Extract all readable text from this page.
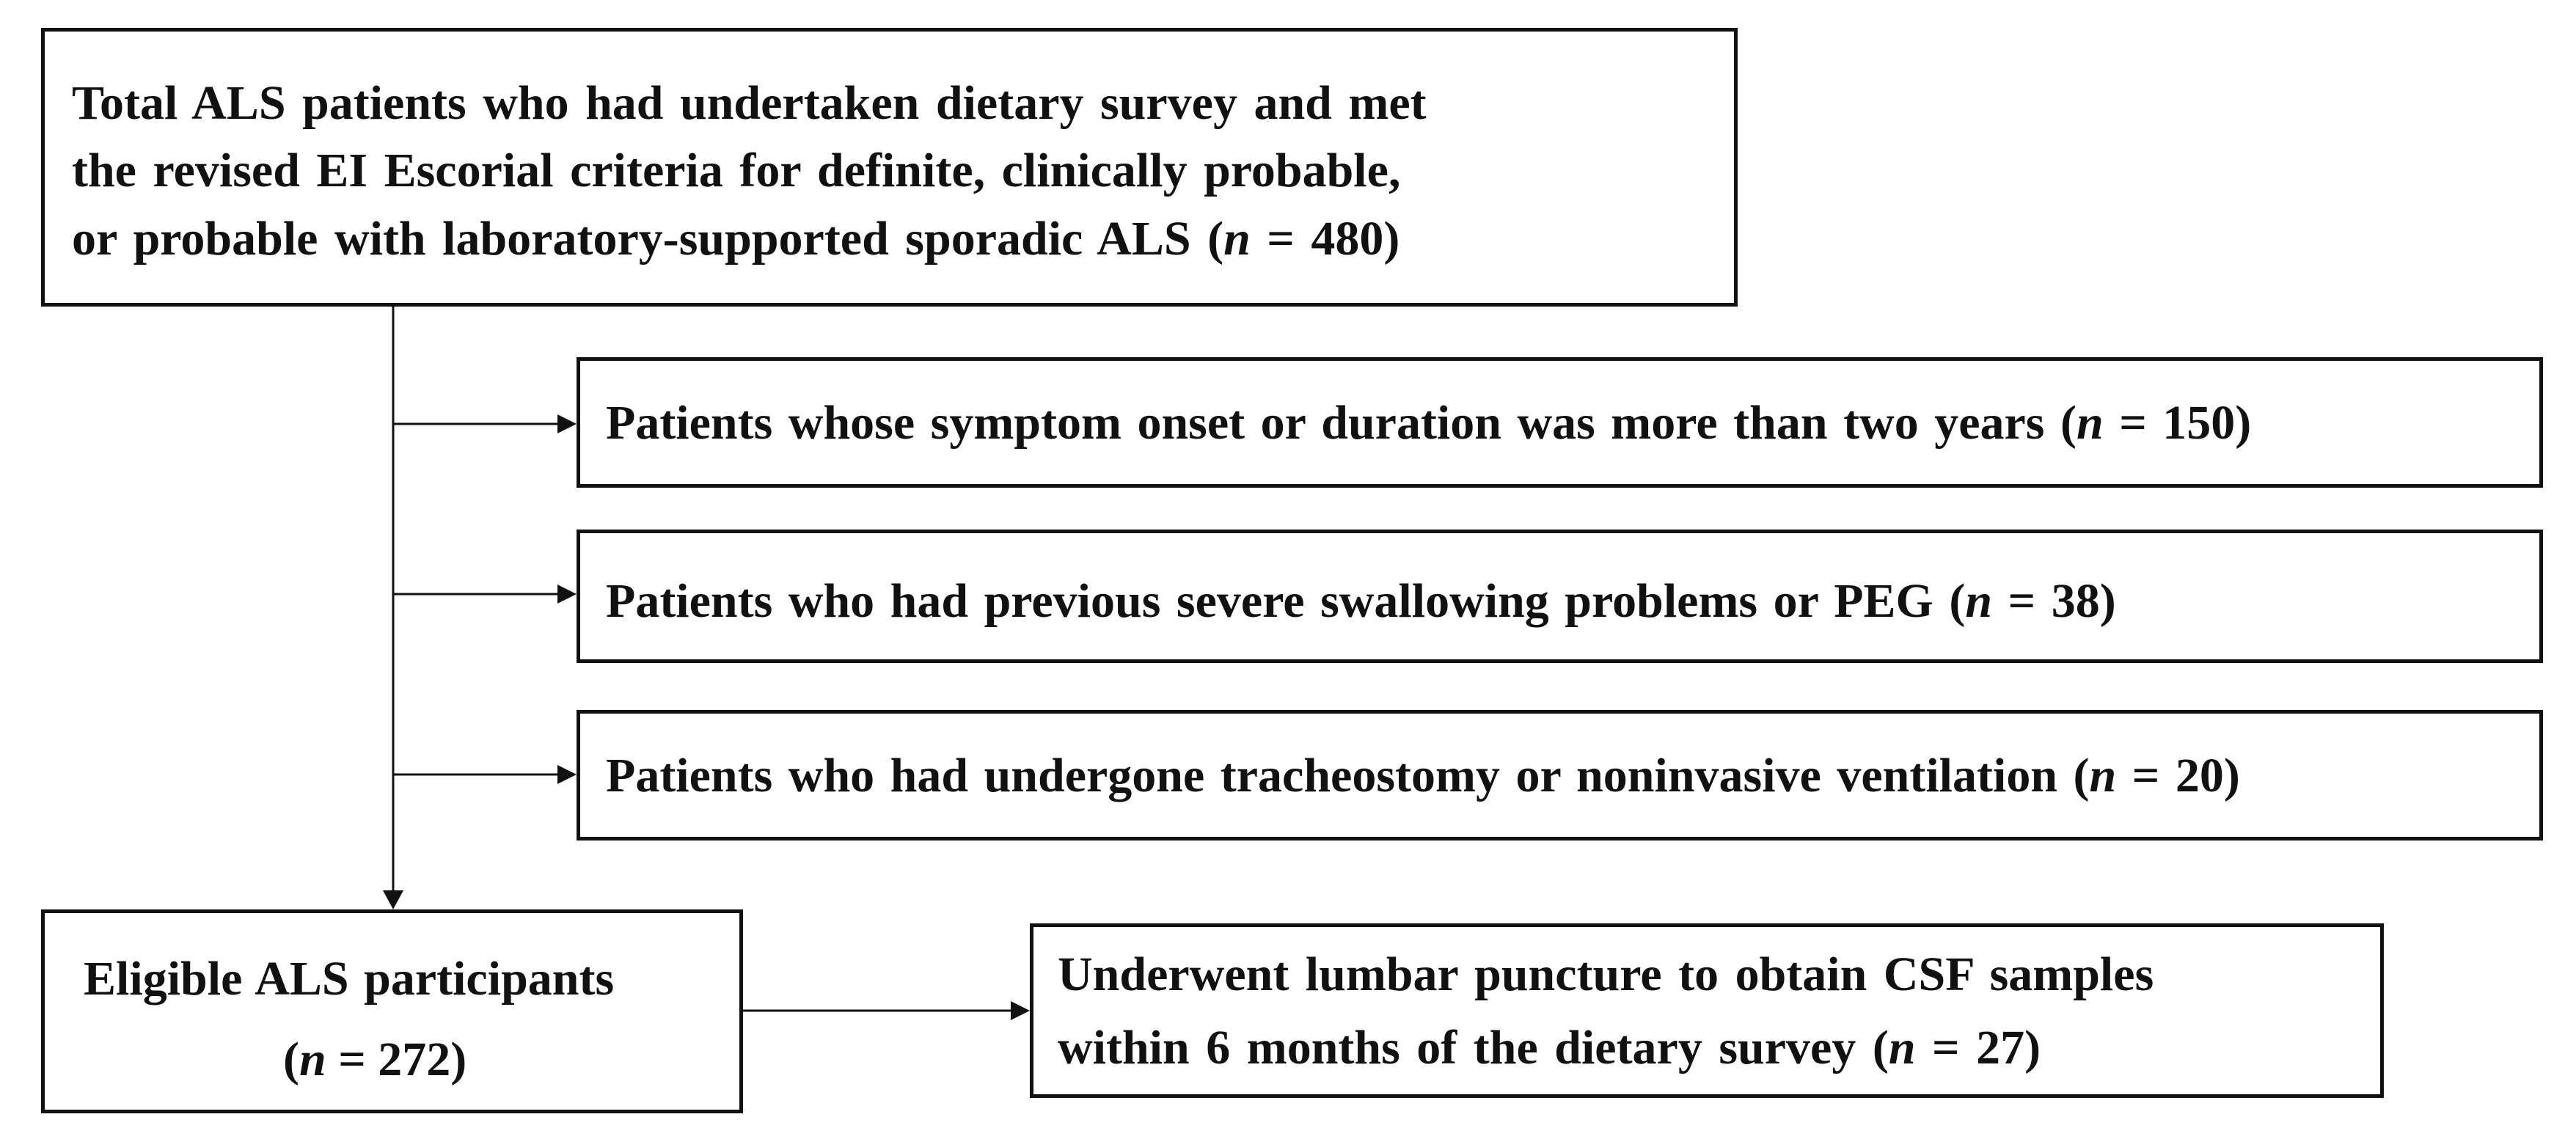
Total ALS patients who had undertaken dietary survey and met
the revised EI Escorial criteria for definite, clinically probable,
or probable with laboratory-supported sporadic ALS (n = 480)
Patients whose symptom onset or duration was more than two years (n = 150)
Patients who had previous severe swallowing problems or PEG (n = 38)
Patients who had undergone tracheostomy or noninvasive ventilation (n = 20)
Eligible ALS participants
(n = 272)
Underwent lumbar puncture to obtain CSF samples
within 6 months of the dietary survey (n = 27)
